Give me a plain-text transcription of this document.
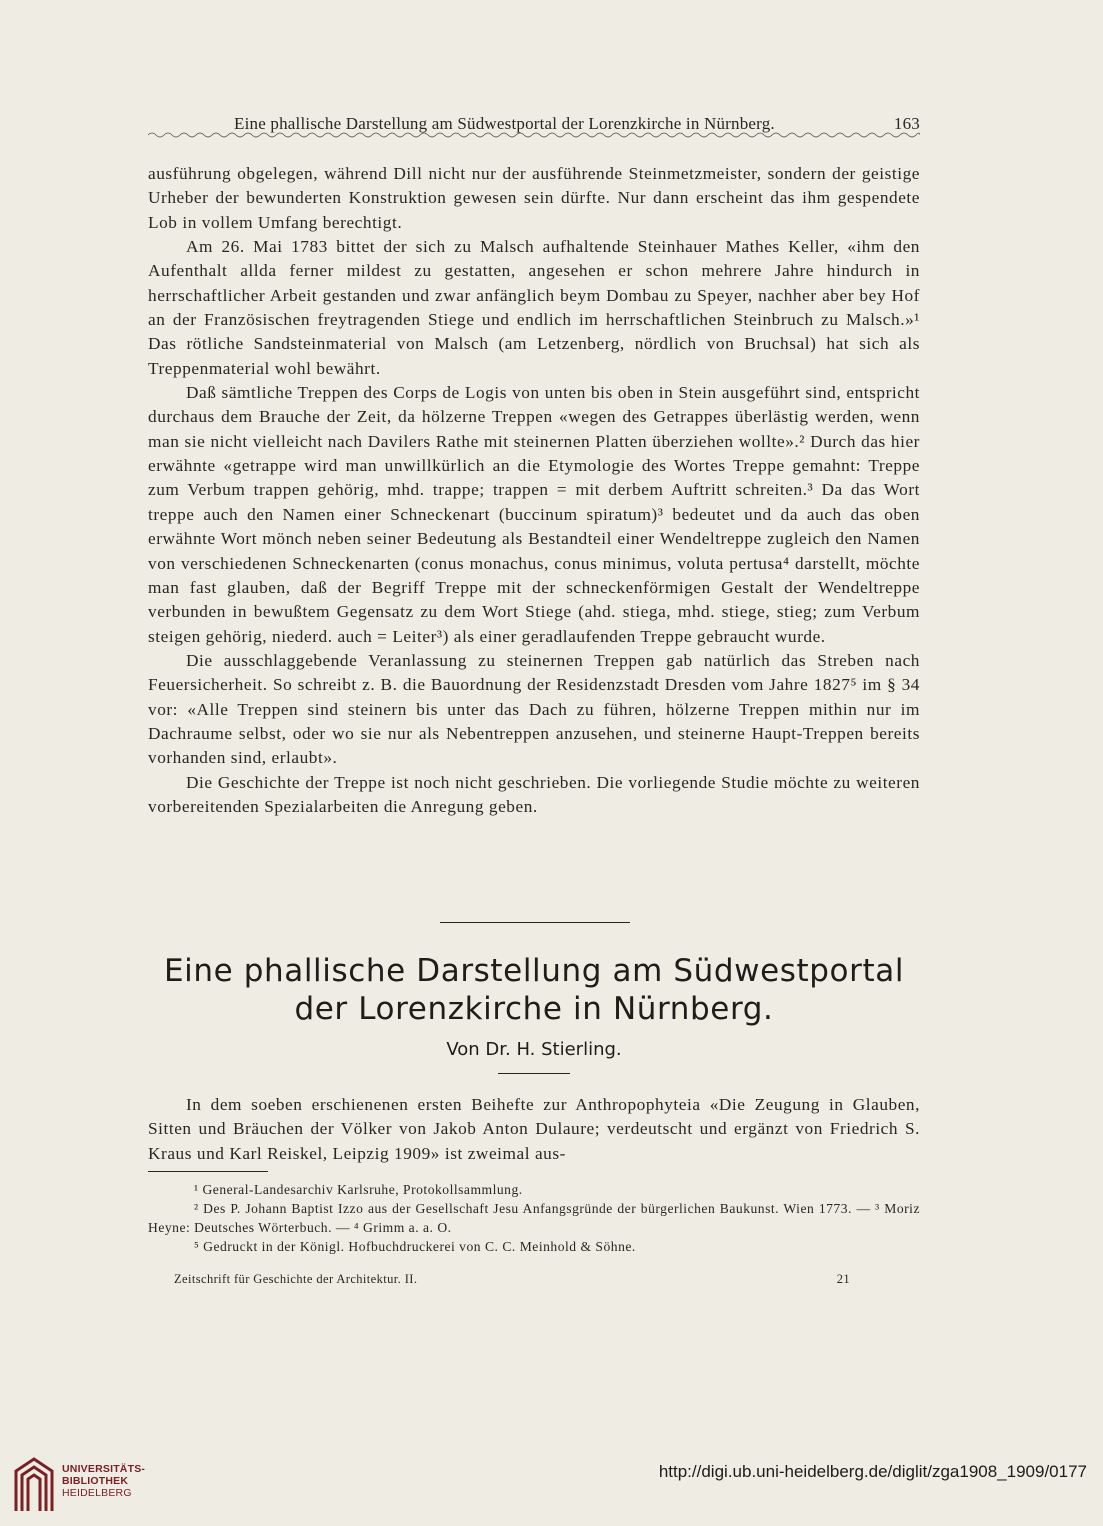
Eine phallische Darstellung am Südwestportal der Lorenzkirche in Nürnberg.	163

ausführung obgelegen, während Dill nicht nur der ausführende Steinmetzmeister, sondern der geistige Urheber der bewunderten Konstruktion gewesen sein dürfte. Nur dann erscheint das ihm gespendete Lob in vollem Umfang berechtigt.

Am 26. Mai 1783 bittet der sich zu Malsch aufhaltende Steinhauer Mathes Keller, «ihm den Aufenthalt allda ferner mildest zu gestatten, angesehen er schon mehrere Jahre hindurch in herrschaftlicher Arbeit gestanden und zwar anfänglich beym Dombau zu Speyer, nachher aber bey Hof an der Französischen freytragenden Stiege und endlich im herrschaftlichen Steinbruch zu Malsch.»¹ Das rötliche Sandsteinmaterial von Malsch (am Letzenberg, nördlich von Bruchsal) hat sich als Treppenmaterial wohl bewährt.

Daß sämtliche Treppen des Corps de Logis von unten bis oben in Stein ausgeführt sind, entspricht durchaus dem Brauche der Zeit, da hölzerne Treppen «wegen des Getrappes überlästig werden, wenn man sie nicht vielleicht nach Davilers Rathe mit steinernen Platten überziehen wollte».² Durch das hier erwähnte «getrappe wird man unwillkürlich an die Etymologie des Wortes Treppe gemahnt: Treppe zum Verbum trappen gehörig, mhd. trappe; trappen = mit derbem Auftritt schreiten.³ Da das Wort treppe auch den Namen einer Schneckenart (buccinum spiratum)³ bedeutet und da auch das oben erwähnte Wort mönch neben seiner Bedeutung als Bestandteil einer Wendeltreppe zugleich den Namen von verschiedenen Schneckenarten (conus monachus, conus minimus, voluta pertusa⁴ darstellt, möchte man fast glauben, daß der Begriff Treppe mit der schneckenförmigen Gestalt der Wendeltreppe verbunden in bewußtem Gegensatz zu dem Wort Stiege (ahd. stiega, mhd. stiege, stieg; zum Verbum steigen gehörig, niederd. auch = Leiter³) als einer geradlaufenden Treppe gebraucht wurde.

Die ausschlaggebende Veranlassung zu steinernen Treppen gab natürlich das Streben nach Feuersicherheit. So schreibt z. B. die Bauordnung der Residenzstadt Dresden vom Jahre 1827⁵ im § 34 vor: «Alle Treppen sind steinern bis unter das Dach zu führen, hölzerne Treppen mithin nur im Dachraume selbst, oder wo sie nur als Nebentreppen anzusehen, und steinerne Haupt-Treppen bereits vorhanden sind, erlaubt».

Die Geschichte der Treppe ist noch nicht geschrieben. Die vorliegende Studie möchte zu weiteren vorbereitenden Spezialarbeiten die Anregung geben.

Eine phallische Darstellung am Südwestportal
der Lorenzkirche in Nürnberg.
Von Dr. H. Stierling.

In dem soeben erschienenen ersten Beihefte zur Anthropophyteia «Die Zeugung in Glauben, Sitten und Bräuchen der Völker von Jakob Anton Dulaure; verdeutscht und ergänzt von Friedrich S. Kraus und Karl Reiskel, Leipzig 1909» ist zweimal aus-

¹ General-Landesarchiv Karlsruhe, Protokollsammlung.

² Des P. Johann Baptist Izzo aus der Gesellschaft Jesu Anfangsgründe der bürgerlichen Baukunst. Wien 1773. — ³ Moriz Heyne: Deutsches Wörterbuch. — ⁴ Grimm a. a. O.

⁵ Gedruckt in der Königl. Hofbuchdruckerei von C. C. Meinhold & Söhne.

Zeitschrift für Geschichte der Architektur. II.	21
UNIVERSITÄTS-
BIBLIOTHEK
HEIDELBERG
http://digi.ub.uni-heidelberg.de/diglit/zga1908_1909/0177
